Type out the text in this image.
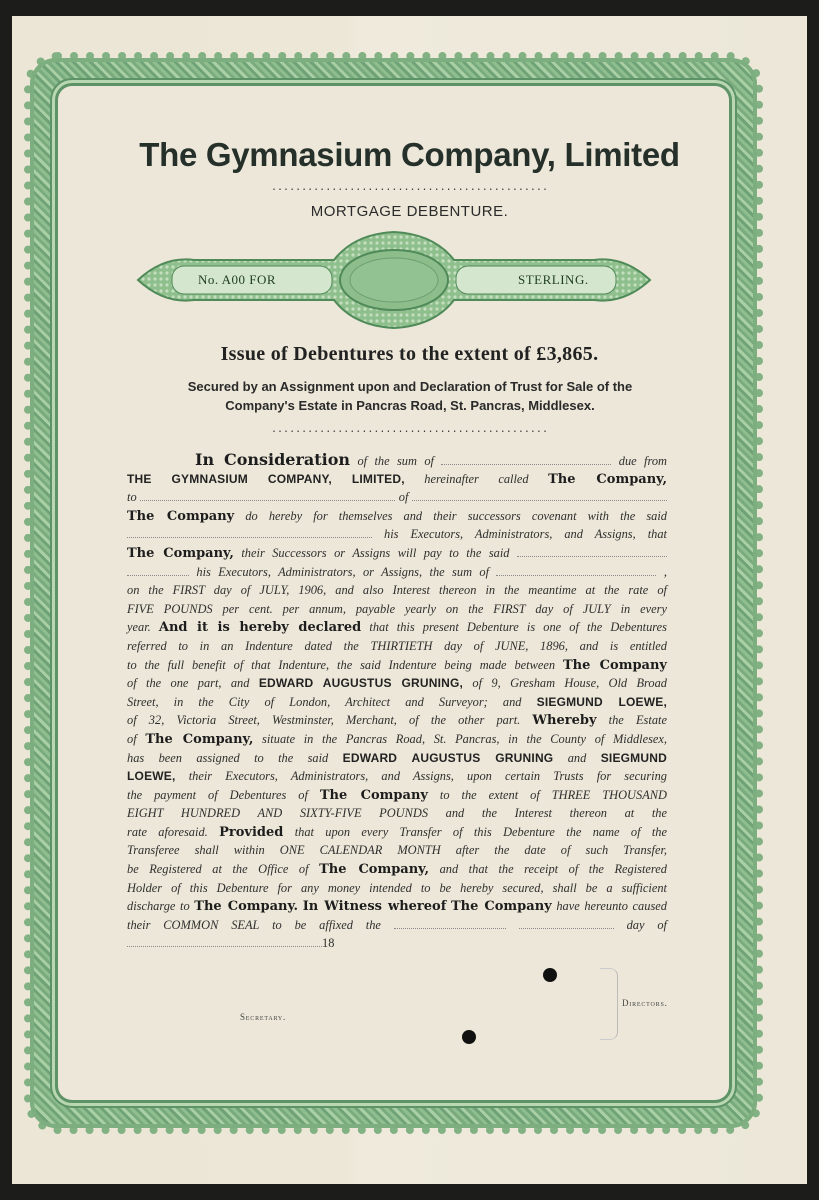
The Gymnasium Company, Limited
..............................................
MORTGAGE DEBENTURE.
No. A00 FOR	STERLING.
Issue of Debentures to the extent of £3,865.
Secured by an Assignment upon and Declaration of Trust for Sale of the
Company's Estate in Pancras Road, St. Pancras, Middlesex.
..............................................
In Consideration of the sum of	due from
THE GYMNASIUM COMPANY, LIMITED, hereinafter called The Company,
to	of
The Company do hereby for themselves and their successors covenant with the said
his Executors, Administrators, and Assigns, that
The Company, their Successors or Assigns will pay to the said
his Executors, Administrators, or Assigns, the sum of	,
on the FIRST day of JULY, 1906, and also Interest thereon in the meantime at the rate of
FIVE POUNDS per cent. per annum, payable yearly on the FIRST day of JULY in every
year. And it is hereby declared that this present Debenture is one of the Debentures
referred to in an Indenture dated the THIRTIETH day of JUNE, 1896, and is entitled
to the full benefit of that Indenture, the said Indenture being made between The Company
of the one part, and EDWARD AUGUSTUS GRUNING, of 9, Gresham House, Old Broad
Street, in the City of London, Architect and Surveyor; and SIEGMUND LOEWE,
of 32, Victoria Street, Westminster, Merchant, of the other part. Whereby the Estate
of The Company, situate in the Pancras Road, St. Pancras, in the County of Middlesex,
has been assigned to the said EDWARD AUGUSTUS GRUNING and SIEGMUND
LOEWE, their Executors, Administrators, and Assigns, upon certain Trusts for securing
the payment of Debentures of The Company to the extent of THREE THOUSAND
EIGHT HUNDRED AND SIXTY-FIVE POUNDS and the Interest thereon at the
rate aforesaid. Provided that upon every Transfer of this Debenture the name of the
Transferee shall within ONE CALENDAR MONTH after the date of such Transfer,
be Registered at the Office of The Company, and that the receipt of the Registered
Holder of this Debenture for any money intended to be hereby secured, shall be a sufficient
discharge to The Company. In Witness whereof The Company have hereunto caused
their COMMON SEAL to be affixed the	day of
18
Secretary.
Directors.
